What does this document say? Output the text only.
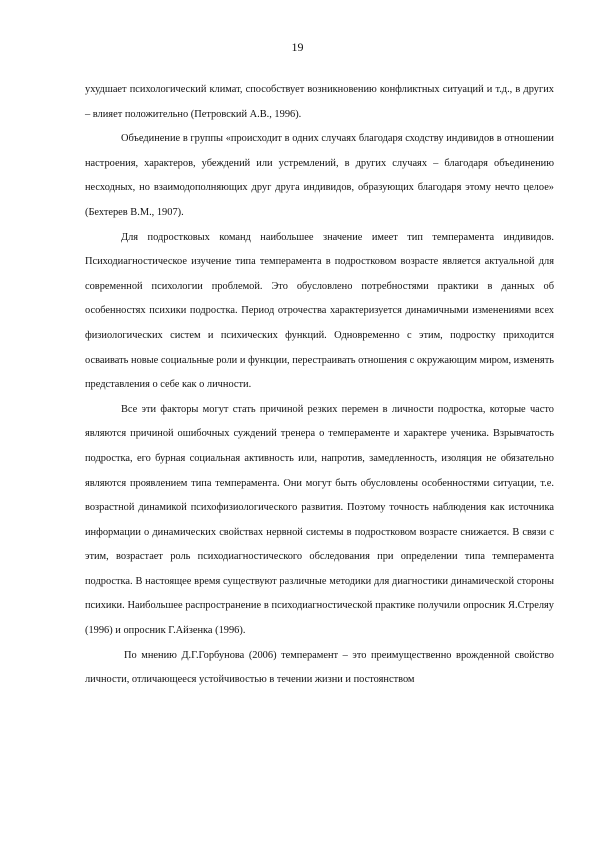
19

ухудшает психологический климат, способствует возникновению конфликтных ситуаций и т.д., в других – влияет положительно (Петровский А.В., 1996).

Объединение в группы «происходит в одних случаях благодаря сходству индивидов в отношении настроения, характеров, убеждений или устремлений, в других случаях – благодаря объединению несходных, но взаимодополняющих друг друга индивидов, образующих благодаря этому нечто целое» (Бехтерев В.М., 1907).

Для подростковых команд наибольшее значение имеет тип темперамента индивидов. Психодиагностическое изучение типа темперамента в подростковом возрасте является актуальной для современной психологии проблемой. Это обусловлено потребностями практики в данных об особенностях психики подростка. Период отрочества характеризуется динамичными изменениями всех физиологических систем и психических функций. Одновременно с этим, подростку приходится осваивать новые социальные роли и функции, перестраивать отношения с окружающим миром, изменять представления о себе как о личности.

Все эти факторы могут стать причиной резких перемен в личности подростка, которые часто являются причиной ошибочных суждений тренера о темпераменте и характере ученика. Взрывчатость подростка, его бурная социальная активность или, напротив, замедленность, изоляция не обязательно являются проявлением типа темперамента. Они могут быть обусловлены особенностями ситуации, т.е. возрастной динамикой психофизиологического развития. Поэтому точность наблюдения как источника информации о динамических свойствах нервной системы в подростковом возрасте снижается. В связи с этим, возрастает роль психодиагностического обследования при определении типа темперамента подростка. В настоящее время существуют различные методики для диагностики динамической стороны психики. Наибольшее распространение в психодиагностической практике получили опросник Я.Стреляу (1996) и опросник Г.Айзенка (1996).

По мнению Д.Г.Горбунова (2006) темперамент – это преимущественно врожденной свойство личности, отличающееся устойчивостью в течении жизни и постоянством
